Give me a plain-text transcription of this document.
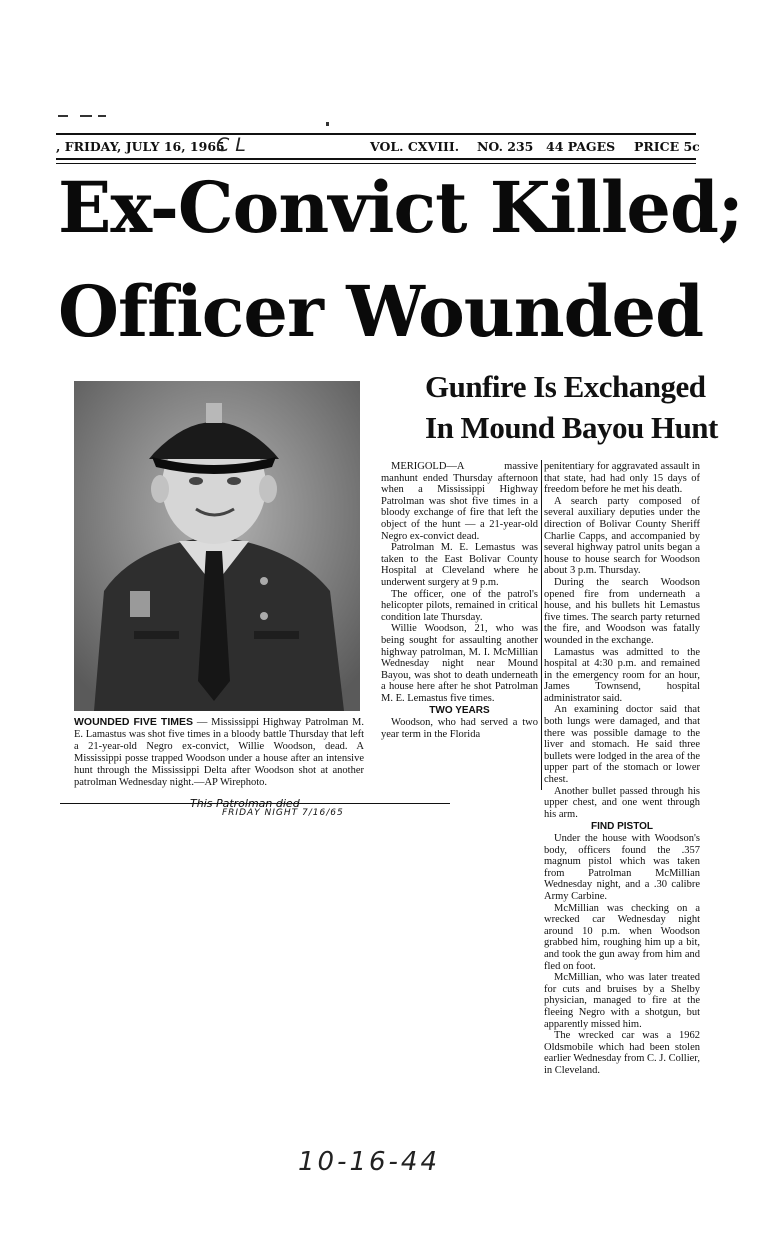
, FRIDAY, JULY 16, 1965
C L	VOL. CXVIII. NO. 235 44 PAGES PRICE 5c
Ex-Convict Killed;
Officer Wounded
Gunfire Is Exchanged
In Mound Bayou Hunt
WOUNDED FIVE TIMES — Mississippi Highway Patrolman M. E. Lamastus was shot five times in a bloody battle Thursday that left a 21-year-old Negro ex-convict, Willie Woodson, dead. A Mississippi posse trapped Woodson under a house after an intensive hunt through the Mississippi Delta after Woodson shot at another patrolman Wednesday night.—AP Wirephoto.
This Patrolman died
FRIDAY NIGHT 7/16/65

MERIGOLD—A massive manhunt ended Thursday afternoon when a Mississippi Highway Patrolman was shot five times in a bloody exchange of fire that left the object of the hunt — a 21-year-old Negro ex-convict dead.

Patrolman M. E. Lemastus was taken to the East Bolivar County Hospital at Cleveland where he underwent surgery at 9 p.m.

The officer, one of the patrol's helicopter pilots, remained in critical condition late Thursday.

Willie Woodson, 21, who was being sought for assaulting another highway patrolman, M. I. McMillian Wednesday night near Mound Bayou, was shot to death underneath a house here after he shot Patrolman M. E. Lemastus five times.

TWO YEARS

Woodson, who had served a two year term in the Florida

penitentiary for aggravated assault in that state, had had only 15 days of freedom before he met his death.

A search party composed of several auxiliary deputies under the direction of Bolivar County Sheriff Charlie Capps, and accompanied by several highway patrol units began a house to house search for Woodson about 3 p.m. Thursday.

During the search Woodson opened fire from underneath a house, and his bullets hit Lemastus five times. The search party returned the fire, and Woodson was fatally wounded in the exchange.

Lamastus was admitted to the hospital at 4:30 p.m. and remained in the emergency room for an hour, James Townsend, hospital administrator said.

An examining doctor said that both lungs were damaged, and that there was possible damage to the liver and stomach. He said three bullets were lodged in the area of the upper part of the stomach or lower chest.

Another bullet passed through his upper chest, and one went through his arm.

FIND PISTOL

Under the house with Woodson's body, officers found the .357 magnum pistol which was taken from Patrolman McMillian Wednesday night, and a .30 calibre Army Carbine.

McMillian was checking on a wrecked car Wednesday night around 10 p.m. when Woodson grabbed him, roughing him up a bit, and took the gun away from him and fled on foot.

McMillian, who was later treated for cuts and bruises by a Shelby physician, managed to fire at the fleeing Negro with a shotgun, but apparently missed him.

The wrecked car was a 1962 Oldsmobile which had been stolen earlier Wednesday from C. J. Collier, in Cleveland.

10-16-44
